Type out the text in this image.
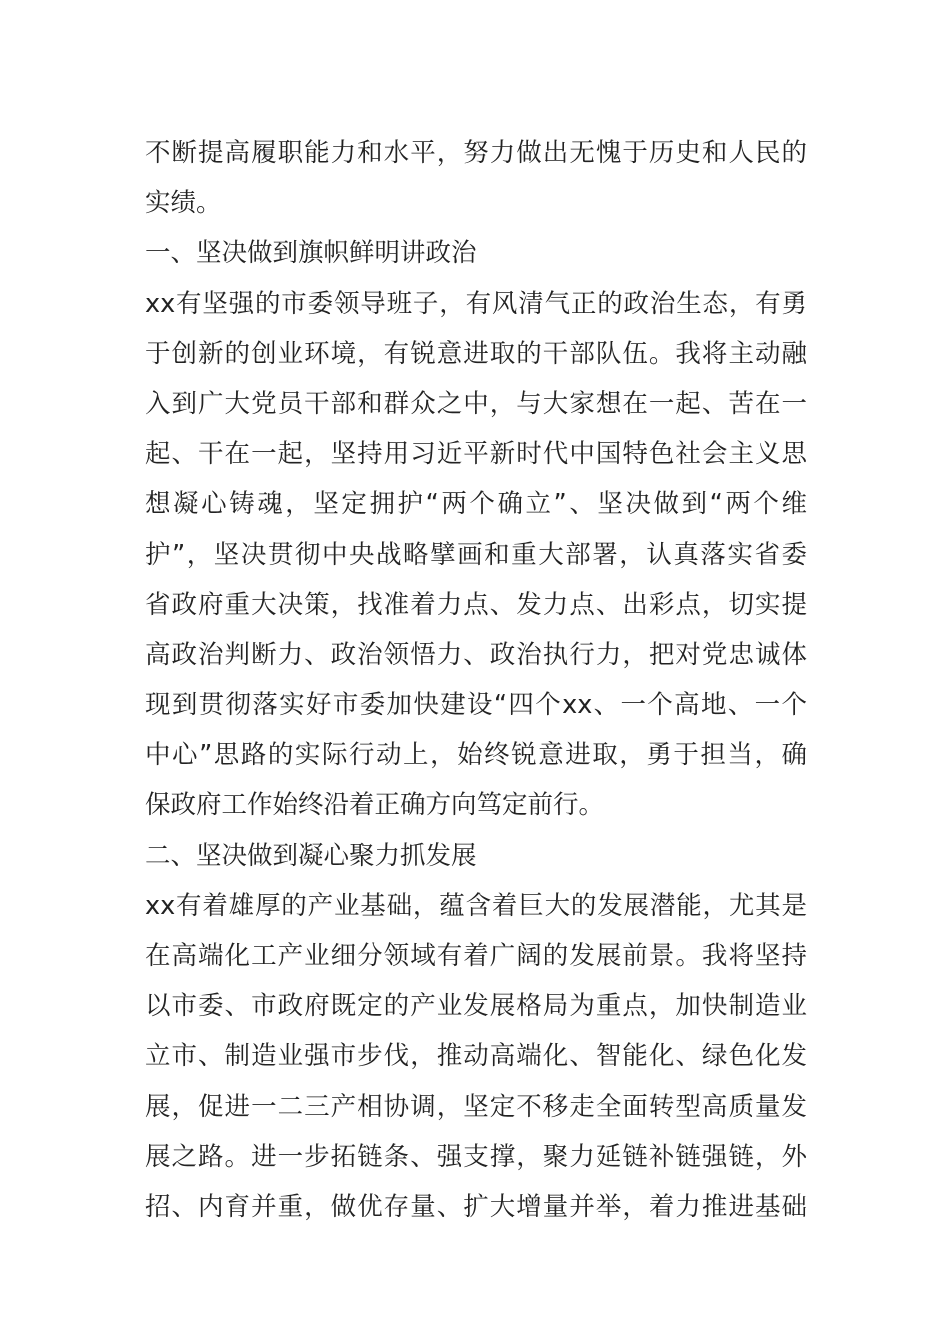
不断提高履职能力和水平，努力做出无愧于历史和人民的
实绩。
一、坚决做到旗帜鲜明讲政治
xx有坚强的市委领导班子，有风清气正的政治生态，有勇
于创新的创业环境，有锐意进取的干部队伍。我将主动融
入到广大党员干部和群众之中，与大家想在一起、苦在一
起、干在一起，坚持用习近平新时代中国特色社会主义思
想凝心铸魂，坚定拥护“两个确立”、坚决做到“两个维
护”，坚决贯彻中央战略擘画和重大部署，认真落实省委
省政府重大决策，找准着力点、发力点、出彩点，切实提
高政治判断力、政治领悟力、政治执行力，把对党忠诚体
现到贯彻落实好市委加快建设“四个xx、一个高地、一个
中心”思路的实际行动上，始终锐意进取，勇于担当，确
保政府工作始终沿着正确方向笃定前行。
二、坚决做到凝心聚力抓发展
xx有着雄厚的产业基础，蕴含着巨大的发展潜能，尤其是
在高端化工产业细分领域有着广阔的发展前景。我将坚持
以市委、市政府既定的产业发展格局为重点，加快制造业
立市、制造业强市步伐，推动高端化、智能化、绿色化发
展，促进一二三产相协调，坚定不移走全面转型高质量发
展之路。进一步拓链条、强支撑，聚力延链补链强链，外
招、内育并重，做优存量、扩大增量并举，着力推进基础
